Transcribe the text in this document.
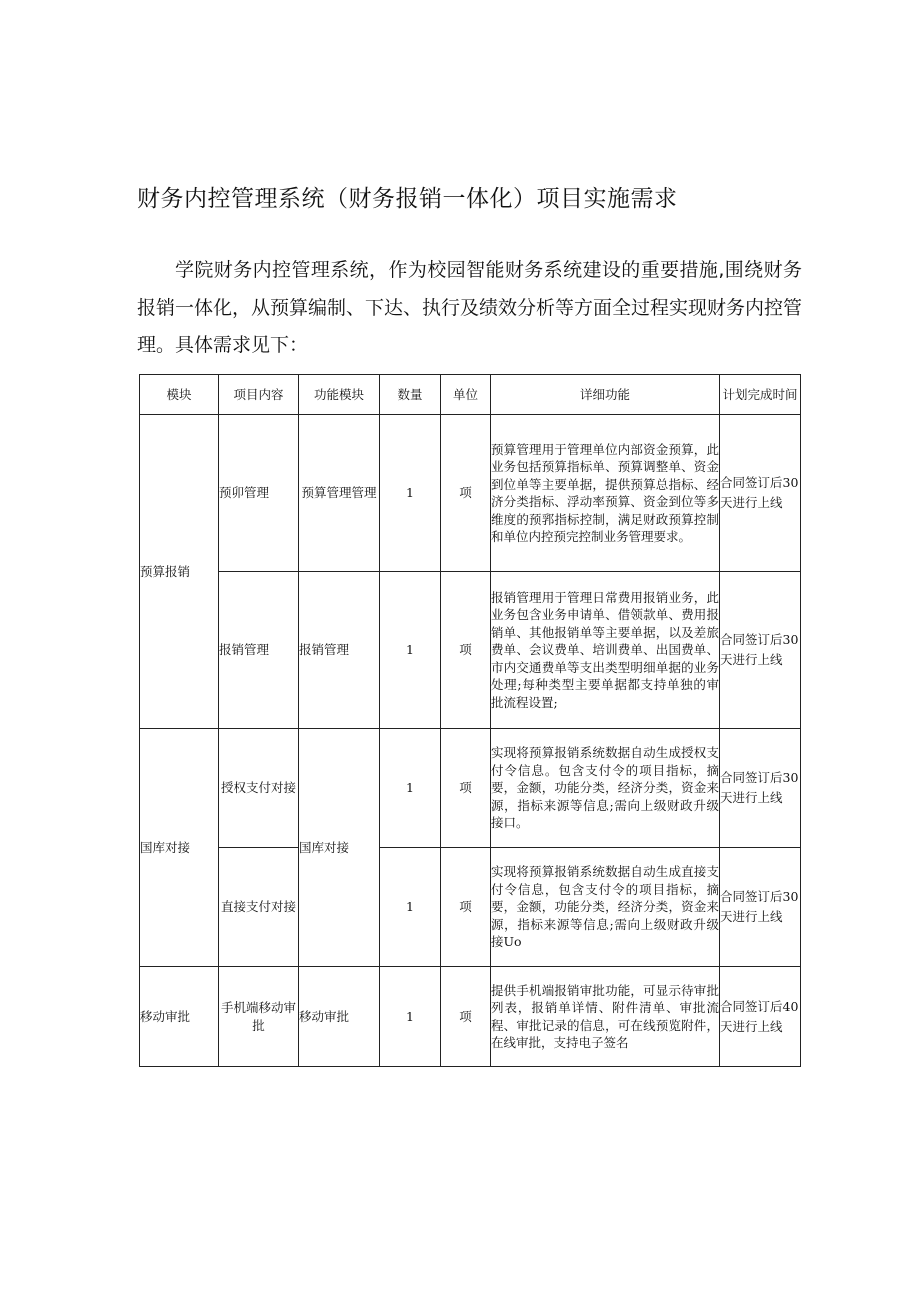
财务内控管理系统（财务报销一体化）项目实施需求

学院财务内控管理系统，作为校园智能财务系统建设的重要措施,围绕财务报销一体化，从预算编制、下达、执行及绩效分析等方面全过程实现财务内控管理。具体需求见下：

模块	项目内容	功能模块	数量	单位	详细功能	计划完成时间
预算报销	预卯管理	预算管理管理	1	项	预算管理用于管理单位内部资金预算，此业务包括预算指标单、预算调整单、资金到位单等主要单据，提供预算总指标、经济分类指标、浮动率预算、资金到位等多维度的预郛指标控制，满足财政预算控制和单位内控预完控制业务管理要求。	合同签订后30天进行上线
	报销管理	报销管理	1	项	报销管理用于管理日常费用报销业务，此业务包含业务申请单、借领款单、费用报销单、其他报销单等主要单据，以及差旅费单、会议费单、培训费单、出国费单、市内交通费单等支出类型明细单据的业务处理;每种类型主要单据都支持单独的审批流程设置;	合同签订后30天进行上线
国库对接	授权支付对接	国库对接	1	项	实现将预算报销系统数据自动生成授权支付令信息。包含支付令的项目指标，摘要，金额，功能分类，经济分类，资金来源，指标来源等信息;需向上级财政升级接口。	合同签订后30天进行上线
	直接支付对接		1	项	实现将预算报销系统数据自动生成直接支付令信息，包含支付令的项目指标，摘要，金额，功能分类，经济分类，资金来源，指标来源等信息;需向上级财政升级接Uo	合同签订后30天进行上线
移动审批	手机端移动审批	移动审批	1	项	提供手机端报销审批功能，可显示待审批列表，报销单详情、附件清单、审批流程、审批记录的信息，可在线预览附件，在线审批，支持电子签名	合同签订后40天进行上线
